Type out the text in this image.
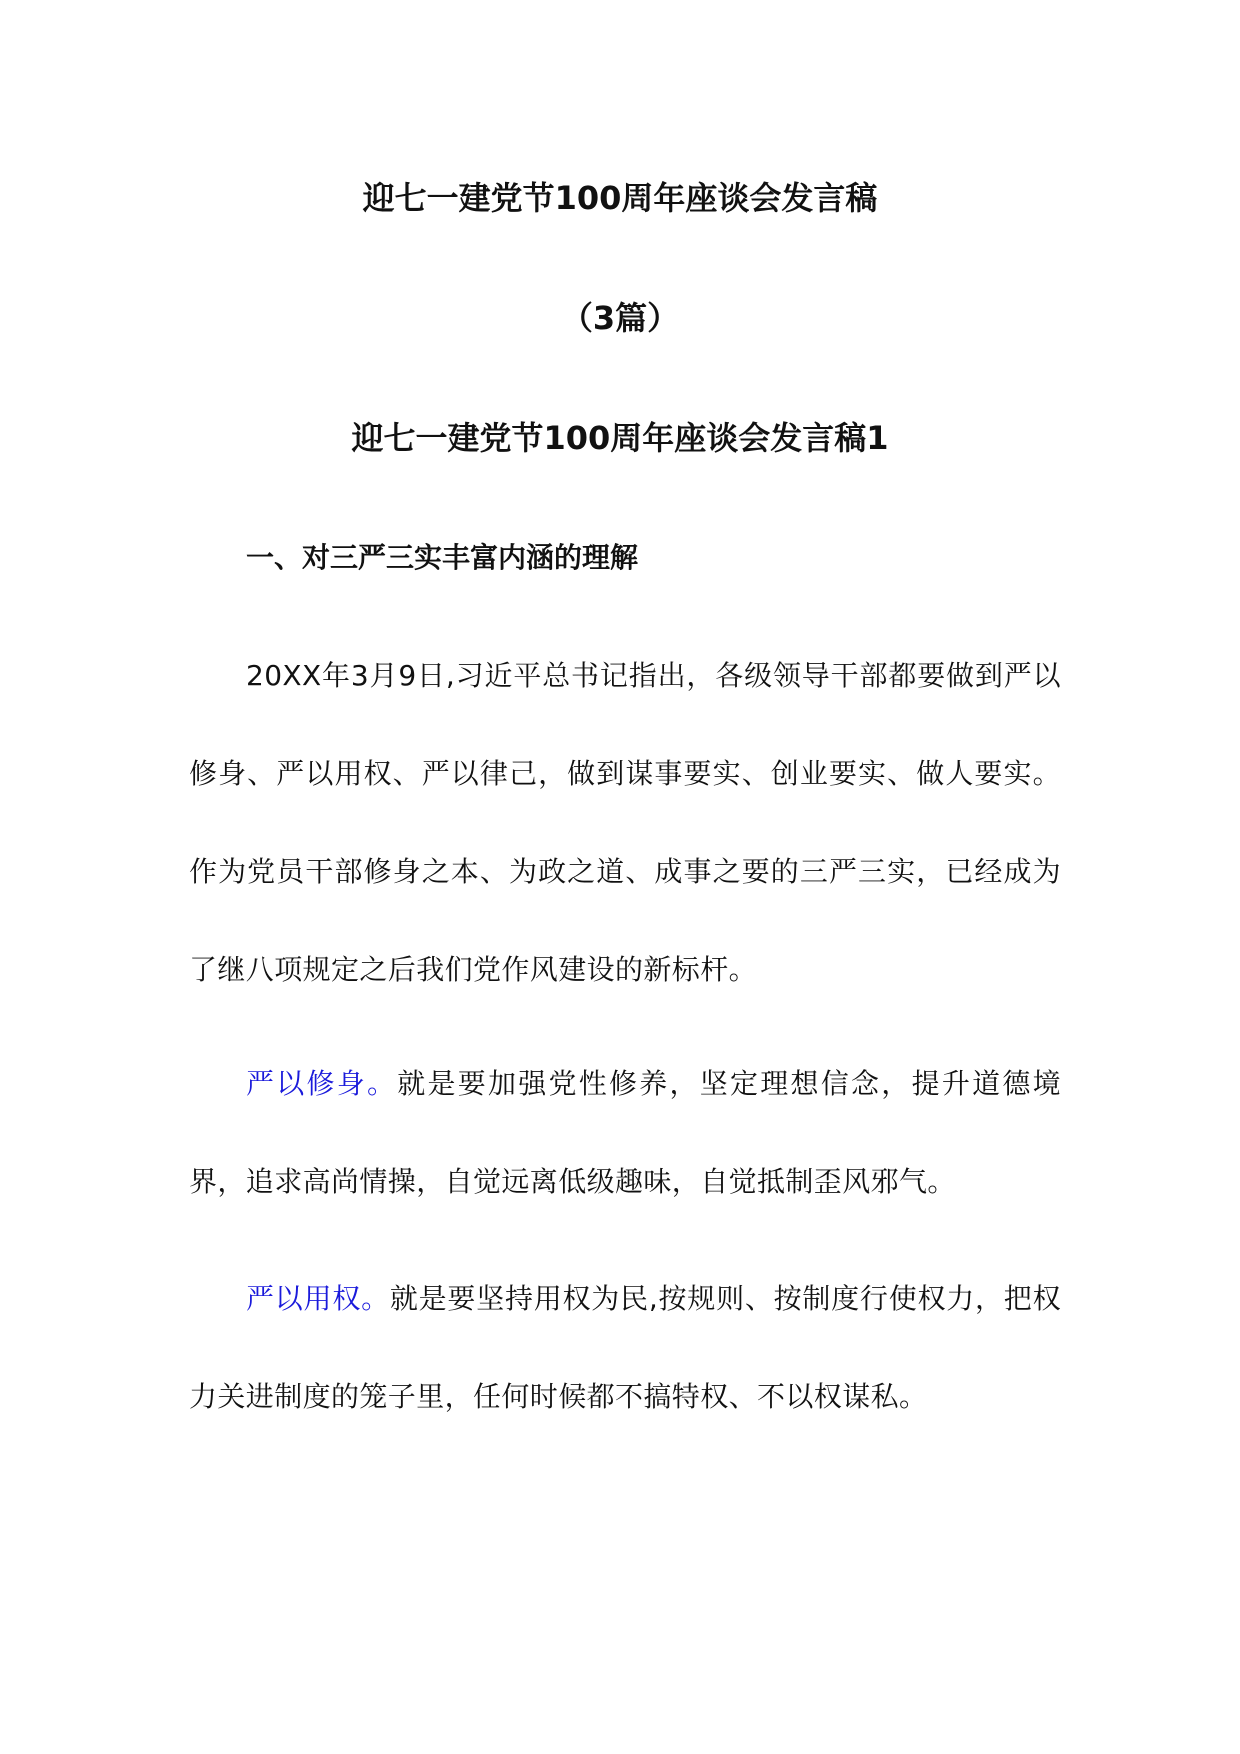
迎七一建党节100周年座谈会发言稿
（3篇）
迎七一建党节100周年座谈会发言稿1
一、对三严三实丰富内涵的理解

20XX年3月9日,习近平总书记指出，各级领导干部都要做到严以修身、严以用权、严以律己，做到谋事要实、创业要实、做人要实。作为党员干部修身之本、为政之道、成事之要的三严三实，已经成为了继八项规定之后我们党作风建设的新标杆。

严以修身。就是要加强党性修养，坚定理想信念，提升道德境界，追求高尚情操，自觉远离低级趣味，自觉抵制歪风邪气。

严以用权。就是要坚持用权为民,按规则、按制度行使权力，把权力关进制度的笼子里，任何时候都不搞特权、不以权谋私。
